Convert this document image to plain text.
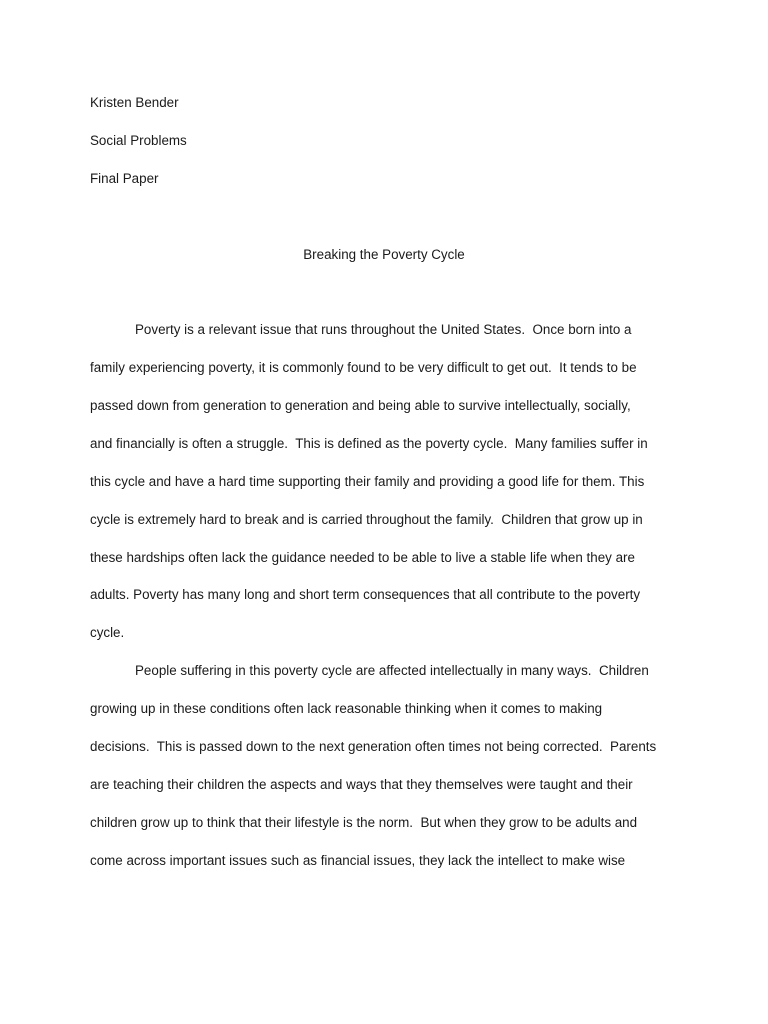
Kristen Bender
Social Problems
Final Paper
Breaking the Poverty Cycle
Poverty is a relevant issue that runs throughout the United States.  Once born into a
family experiencing poverty, it is commonly found to be very difficult to get out.  It tends to be
passed down from generation to generation and being able to survive intellectually, socially,
and financially is often a struggle.  This is defined as the poverty cycle.  Many families suffer in
this cycle and have a hard time supporting their family and providing a good life for them. This
cycle is extremely hard to break and is carried throughout the family.  Children that grow up in
these hardships often lack the guidance needed to be able to live a stable life when they are
adults. Poverty has many long and short term consequences that all contribute to the poverty
cycle.
People suffering in this poverty cycle are affected intellectually in many ways.  Children
growing up in these conditions often lack reasonable thinking when it comes to making
decisions.  This is passed down to the next generation often times not being corrected.  Parents
are teaching their children the aspects and ways that they themselves were taught and their
children grow up to think that their lifestyle is the norm.  But when they grow to be adults and
come across important issues such as financial issues, they lack the intellect to make wise
